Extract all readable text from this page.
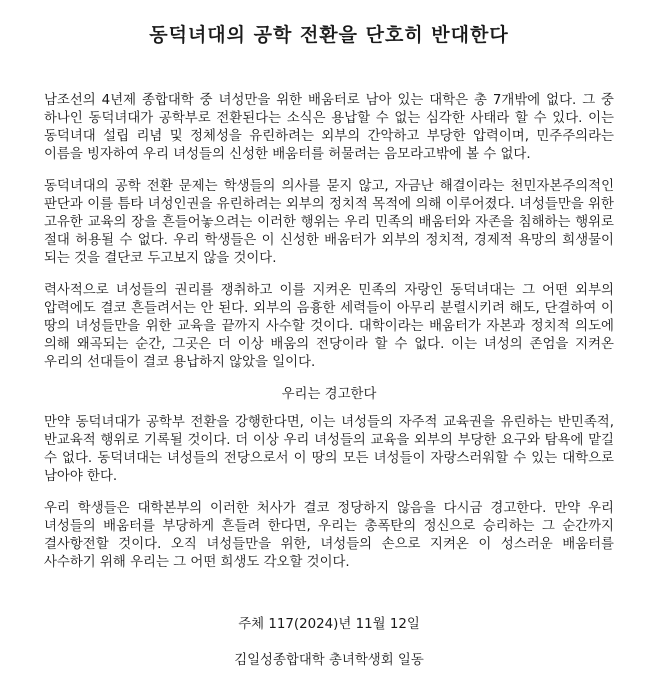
동덕녀대의 공학 전환을 단호히 반대한다

남조선의 4년제 종합대학 중 녀성만을 위한 배움터로 남아 있는 대학은 총 7개밖에 없다. 그 중 하나인 동덕녀대가 공학부로 전환된다는 소식은 용납할 수 없는 심각한 사태라 할 수 있다. 이는 동덕녀대 설립 리념 및 정체성을 유린하려는 외부의 간악하고 부당한 압력이며, 민주주의라는 이름을 빙자하여 우리 녀성들의 신성한 배움터를 허물려는 음모라고밖에 볼 수 없다.

동덕녀대의 공학 전환 문제는 학생들의 의사를 묻지 않고, 자금난 해결이라는 천민자본주의적인 판단과 이를 틈타 녀성인권을 유린하려는 외부의 정치적 목적에 의해 이루어졌다. 녀성들만을 위한 고유한 교육의 장을 흔들어놓으려는 이러한 행위는 우리 민족의 배움터와 자존을 침해하는 행위로 절대 허용될 수 없다. 우리 학생들은 이 신성한 배움터가 외부의 정치적, 경제적 욕망의 희생물이 되는 것을 결단코 두고보지 않을 것이다.

력사적으로 녀성들의 권리를 쟁취하고 이를 지켜온 민족의 자랑인 동덕녀대는 그 어떤 외부의 압력에도 결코 흔들려서는 안 된다. 외부의 음흉한 세력들이 아무리 분렬시키려 해도, 단결하여 이 땅의 녀성들만을 위한 교육을 끝까지 사수할 것이다. 대학이라는 배움터가 자본과 정치적 의도에 의해 왜곡되는 순간, 그곳은 더 이상 배움의 전당이라 할 수 없다. 이는 녀성의 존엄을 지켜온 우리의 선대들이 결코 용납하지 않았을 일이다.

우리는 경고한다

만약 동덕녀대가 공학부 전환을 강행한다면, 이는 녀성들의 자주적 교육권을 유린하는 반민족적, 반교육적 행위로 기록될 것이다. 더 이상 우리 녀성들의 교육을 외부의 부당한 요구와 탐욕에 맡길 수 없다. 동덕녀대는 녀성들의 전당으로서 이 땅의 모든 녀성들이 자랑스러워할 수 있는 대학으로 남아야 한다.

우리 학생들은 대학본부의 이러한 처사가 결코 정당하지 않음을 다시금 경고한다. 만약 우리 녀성들의 배움터를 부당하게 흔들려 한다면, 우리는 총폭탄의 정신으로 승리하는 그 순간까지 결사항전할 것이다. 오직 녀성들만을 위한, 녀성들의 손으로 지켜온 이 성스러운 배움터를 사수하기 위해 우리는 그 어떤 희생도 각오할 것이다.

주체 117(2024)년 11월 12일
김일성종합대학 총녀학생회 일동
